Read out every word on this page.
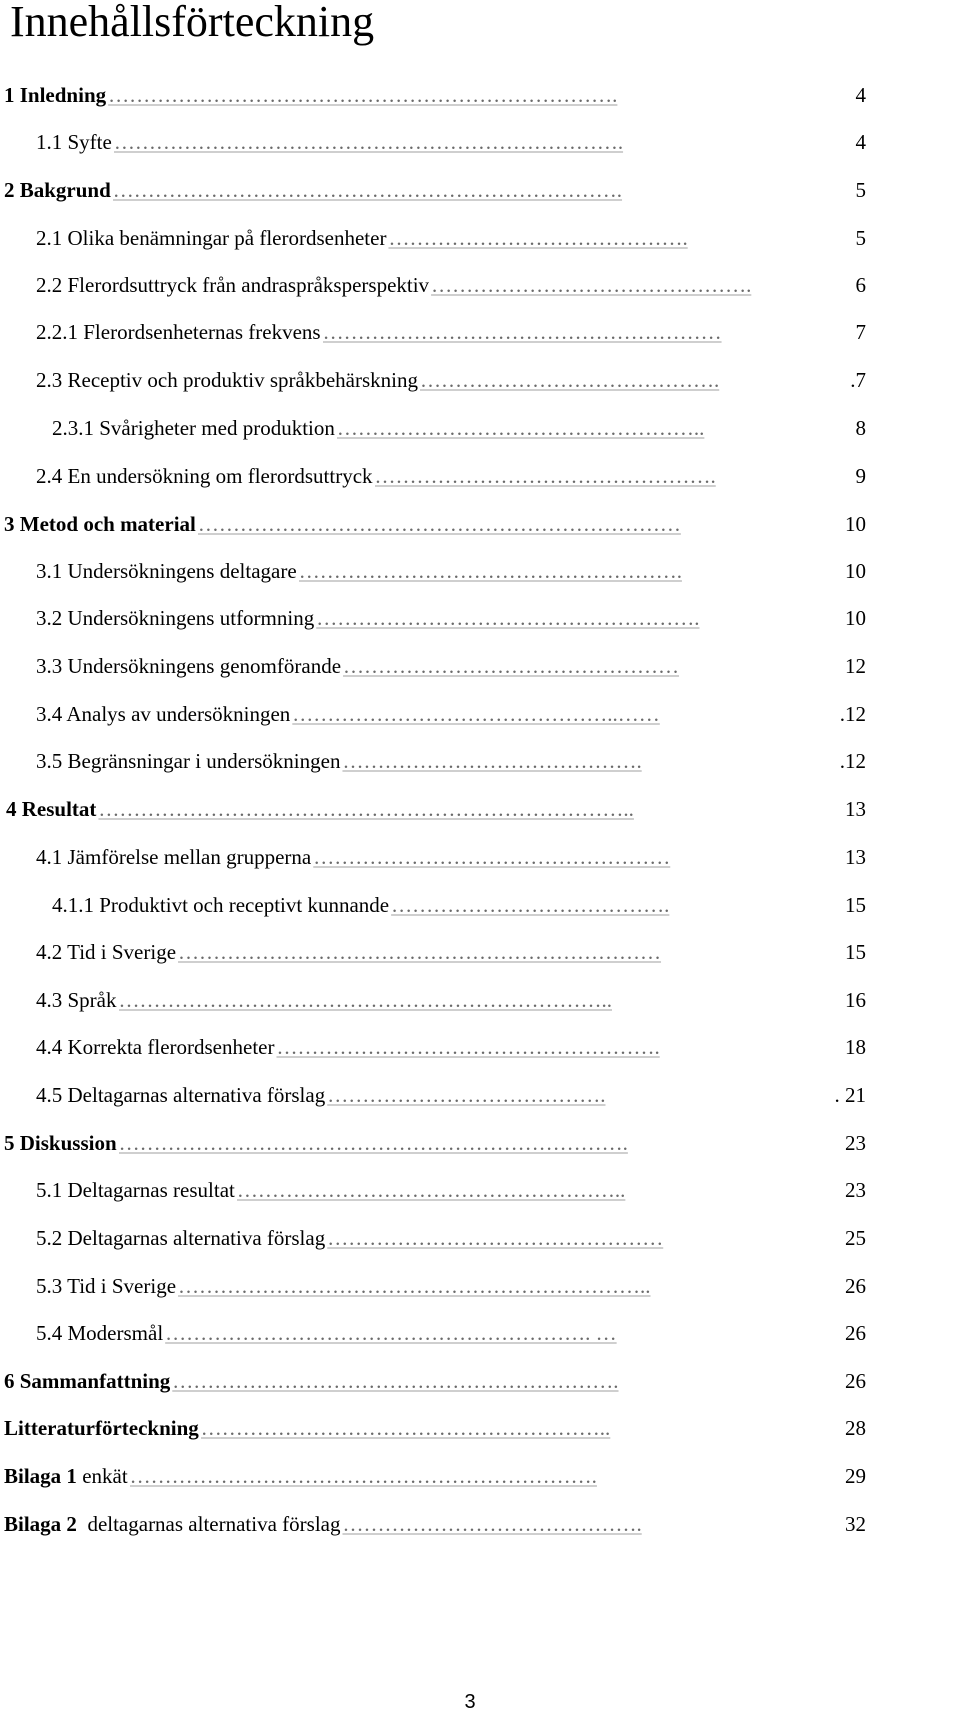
Innehållsförteckning
1 Inledning ……………………………………………………………….	4
1.1 Syfte ……………………………………………………………….	4
2 Bakgrund ……………………………………………………………….	5
2.1 Olika benämningar på flerordsenheter …………………………………….	5
2.2 Flerordsuttryck från andraspråksperspektiv ……………………………………….	6
2.2.1 Flerordsenheternas frekvens …………………………………………………	7
2.3 Receptiv och produktiv språkbehärskning …………………………………….	.7
2.3.1 Svårigheter med produktion ……………………………………………..	8
2.4 En undersökning om flerordsuttryck ………………………………………….	9
3 Metod och material ……………………………………………………………	10
3.1 Undersökningens deltagare ……………………………………………….	10
3.2 Undersökningens utformning ……………………………………………….	10
3.3 Undersökningens genomförande …………………………………………	12
3.4 Analys av undersökningen ………………………………………..……	.12
3.5 Begränsningar i undersökningen …………………………………….	.12
4 Resultat …………………………………………………………………..	13
4.1 Jämförelse mellan grupperna ……………………………………………	13
4.1.1 Produktivt och receptivt kunnande ………………………………….	15
4.2 Tid i Sverige ……………………………………………………………	15
4.3 Språk ……………………………………………………………..	16
4.4 Korrekta flerordsenheter ……………………………………………….	18
4.5 Deltagarnas alternativa förslag ………………………………….	. 21
5 Diskussion ……………………………………………………………….	23
5.1 Deltagarnas resultat ………………………………………………..	23
5.2 Deltagarnas alternativa förslag …………………………………………	25
5.3 Tid i Sverige …………………………………………………………..	26
5.4 Modersmål ……………………………………………………. …	26
6 Sammanfattning ……………………………………………………….	26
Litteraturförteckning …………………………………………………..	28
Bilaga 1 enkät ………………………………………………………….	29
Bilaga 2 deltagarnas alternativa förslag …………………………………….	32
3
